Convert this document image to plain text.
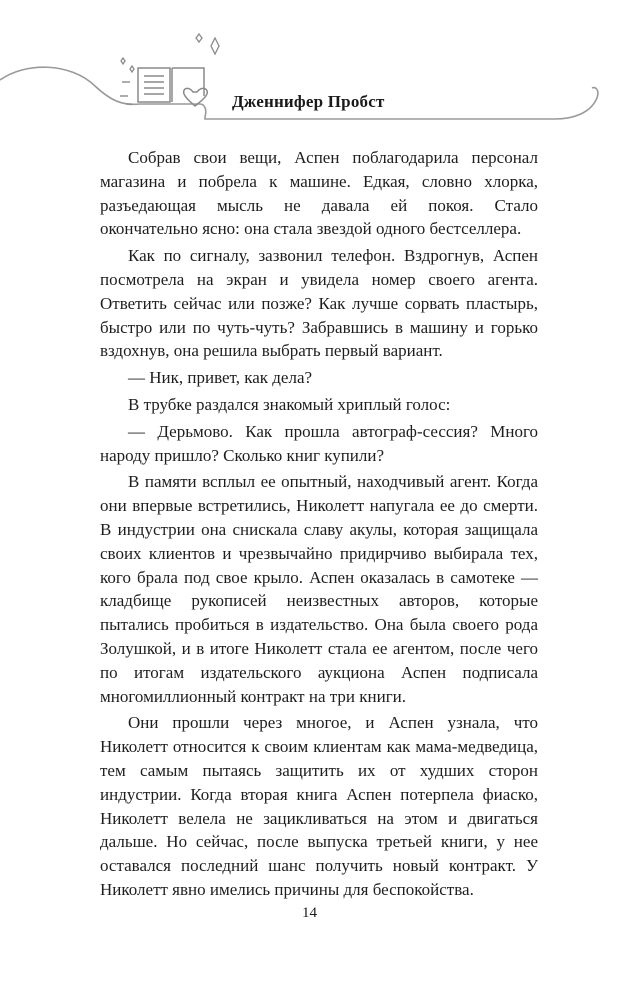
Дженнифер Пробст

Собрав свои вещи, Аспен поблагодарила персонал магазина и побрела к машине. Едкая, словно хлорка, разъедающая мысль не давала ей покоя. Стало окончательно ясно: она стала звездой одного бестселлера.

Как по сигналу, зазвонил телефон. Вздрогнув, Аспен посмотрела на экран и увидела номер своего агента. Ответить сейчас или позже? Как лучше сорвать пластырь, быстро или по чуть-чуть? Забравшись в машину и горько вздохнув, она решила выбрать первый вариант.

— Ник, привет, как дела?

В трубке раздался знакомый хриплый голос:

— Дерьмово. Как прошла автограф-сессия? Много народу пришло? Сколько книг купили?

В памяти всплыл ее опытный, находчивый агент. Когда они впервые встретились, Николетт напугала ее до смерти. В индустрии она снискала славу акулы, которая защищала своих клиентов и чрезвычайно придирчиво выбирала тех, кого брала под свое крыло. Аспен оказалась в самотеке — кладбище рукописей неизвестных авторов, которые пытались пробиться в издательство. Она была своего рода Золушкой, и в итоге Николетт стала ее агентом, после чего по итогам издательского аукциона Аспен подписала многомиллионный контракт на три книги.

Они прошли через многое, и Аспен узнала, что Николетт относится к своим клиентам как мама-медведица, тем самым пытаясь защитить их от худших сторон индустрии. Когда вторая книга Аспен потерпела фиаско, Николетт велела не зацикливаться на этом и двигаться дальше. Но сейчас, после выпуска третьей книги, у нее оставался последний шанс получить новый контракт. У Николетт явно имелись причины для беспокойства.

14
